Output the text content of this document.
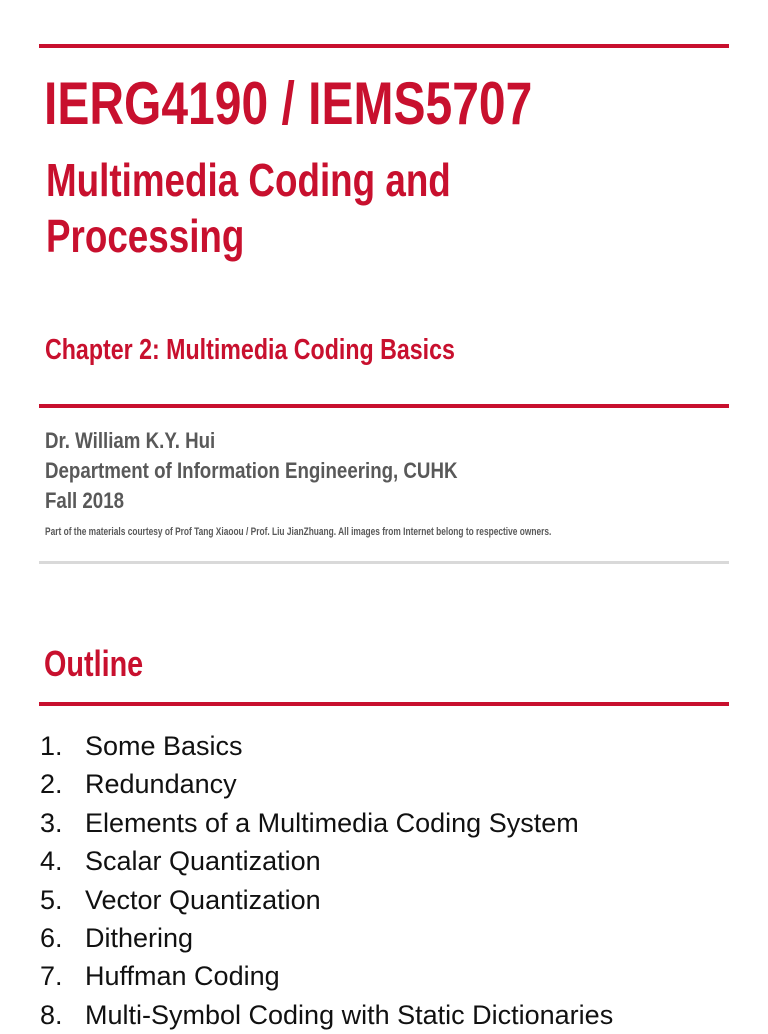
IERG4190 / IEMS5707
Multimedia Coding and
Processing
Chapter 2: Multimedia Coding Basics
Dr. William K.Y. Hui
Department of Information Engineering, CUHK
Fall 2018
Part of the materials courtesy of Prof Tang Xiaoou / Prof. Liu JianZhuang. All images from Internet belong to respective owners.
Outline
1. Some Basics
2. Redundancy
3. Elements of a Multimedia Coding System
4. Scalar Quantization
5. Vector Quantization
6. Dithering
7. Huffman Coding
8. Multi-Symbol Coding with Static Dictionaries
